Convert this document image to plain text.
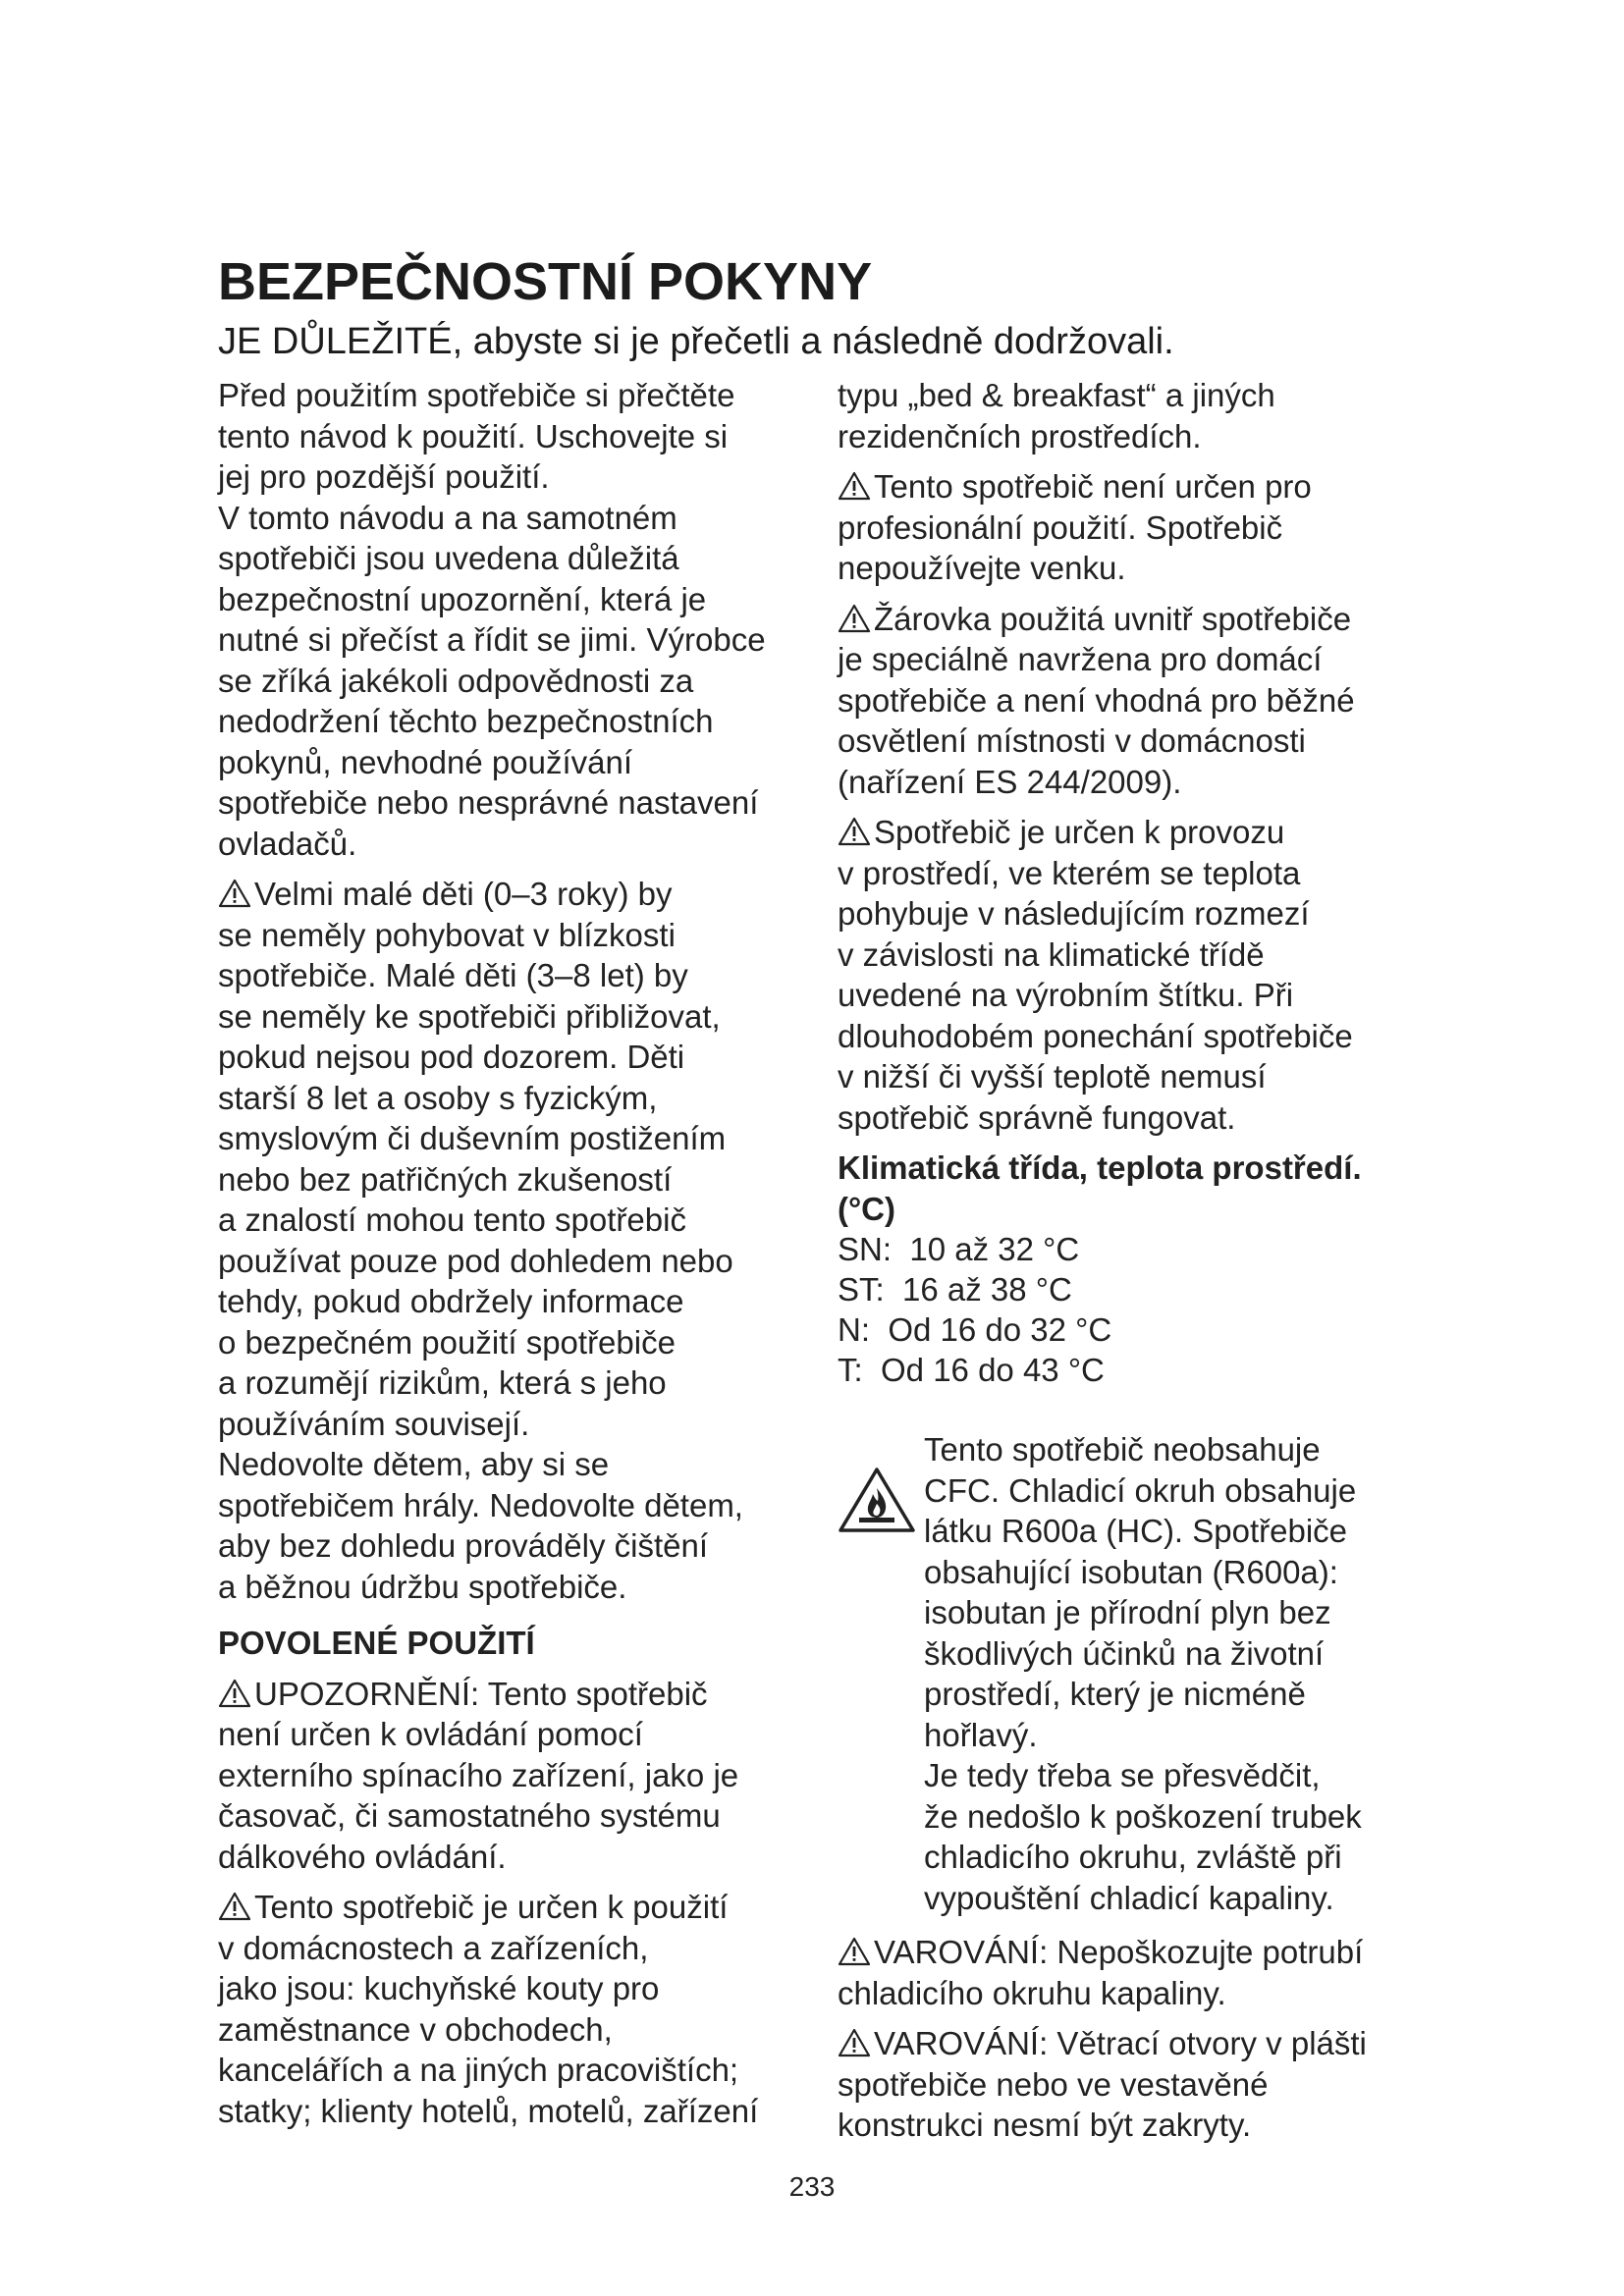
BEZPEČNOSTNÍ POKYNY
JE DŮLEŽITÉ, abyste si je přečetli a následně dodržovali.

Před použitím spotřebiče si přečtěte
tento návod k použití. Uschovejte si
jej pro pozdější použití.
V tomto návodu a na samotném
spotřebiči jsou uvedena důležitá
bezpečnostní upozornění, která je
nutné si přečíst a řídit se jimi. Výrobce
se zříká jakékoli odpovědnosti za
nedodržení těchto bezpečnostních
pokynů, nevhodné používání
spotřebiče nebo nesprávné nastavení
ovladačů.

Velmi malé děti (0–3 roky) by
se neměly pohybovat v blízkosti
spotřebiče. Malé děti (3–8 let) by
se neměly ke spotřebiči přibližovat,
pokud nejsou pod dozorem. Děti
starší 8 let a osoby s fyzickým,
smyslovým či duševním postižením
nebo bez patřičných zkušeností
a znalostí mohou tento spotřebič
používat pouze pod dohledem nebo
tehdy, pokud obdržely informace
o bezpečném použití spotřebiče
a rozumějí rizikům, která s jeho
používáním souvisejí.
Nedovolte dětem, aby si se
spotřebičem hrály. Nedovolte dětem,
aby bez dohledu prováděly čištění
a běžnou údržbu spotřebiče.

POVOLENÉ POUŽITÍ

UPOZORNĚNÍ: Tento spotřebič
není určen k ovládání pomocí
externího spínacího zařízení, jako je
časovač, či samostatného systému
dálkového ovládání.

Tento spotřebič je určen k použití
v domácnostech a zařízeních,
jako jsou: kuchyňské kouty pro
zaměstnance v obchodech,
kancelářích a na jiných pracovištích;
statky; klienty hotelů, motelů, zařízení

typu „bed & breakfast“ a jiných
rezidenčních prostředích.

Tento spotřebič není určen pro
profesionální použití. Spotřebič
nepoužívejte venku.

Žárovka použitá uvnitř spotřebiče
je speciálně navržena pro domácí
spotřebiče a není vhodná pro běžné
osvětlení místnosti v domácnosti
(nařízení ES 244/2009).

Spotřebič je určen k provozu
v prostředí, ve kterém se teplota
pohybuje v následujícím rozmezí
v závislosti na klimatické třídě
uvedené na výrobním štítku. Při
dlouhodobém ponechání spotřebiče
v nižší či vyšší teplotě nemusí
spotřebič správně fungovat.

Klimatická třída, teplota prostředí.
(°C)
SN:  10 až 32 °C
ST:  16 až 38 °C
N:  Od 16 do 32 °C
T:  Od 16 do 43 °C

Tento spotřebič neobsahuje
CFC. Chladicí okruh obsahuje
látku R600a (HC). Spotřebiče
obsahující isobutan (R600a):
isobutan je přírodní plyn bez
škodlivých účinků na životní
prostředí, který je nicméně
hořlavý.
Je tedy třeba se přesvědčit,
že nedošlo k poškození trubek
chladicího okruhu, zvláště při
vypouštění chladicí kapaliny.

VAROVÁNÍ: Nepoškozujte potrubí
chladicího okruhu kapaliny.

VAROVÁNÍ: Větrací otvory v plášti
spotřebiče nebo ve vestavěné
konstrukci nesmí být zakryty.

233
